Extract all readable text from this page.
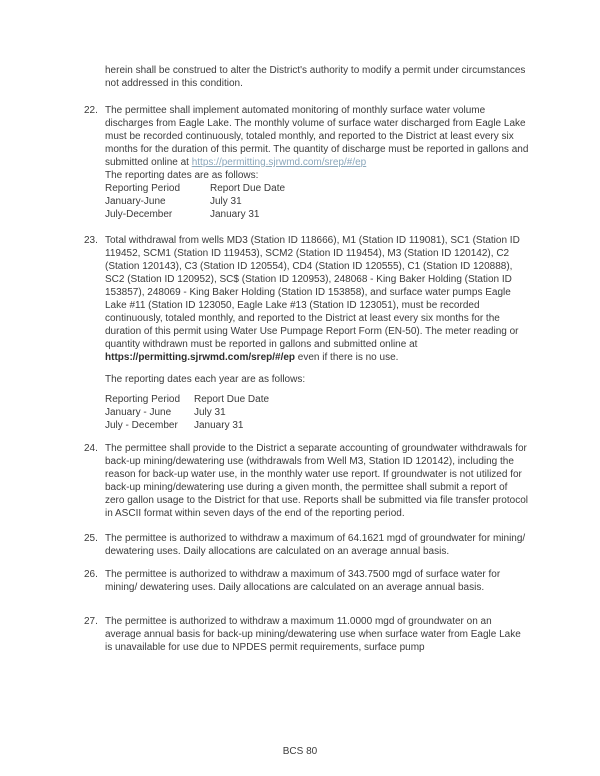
herein shall be construed to alter the District's authority to modify a permit under circumstances not addressed in this condition.

22. The permittee shall implement automated monitoring of monthly surface water volume discharges from Eagle Lake. The monthly volume of surface water discharged from Eagle Lake must be recorded continuously, totaled monthly, and reported to the District at least every six months for the duration of this permit. The quantity of discharge must be reported in gallons and submitted online at https://permitting.sjrwmd.com/srep/#/ep

The reporting dates are as follows:

Reporting Period	Report Due Date
January-June	July 31
July-December	January 31
23. Total withdrawal from wells MD3 (Station ID 118666), M1 (Station ID 119081), SC1 (Station ID 119452, SCM1 (Station ID 119453), SCM2 (Station ID 119454), M3 (Station ID 120142), C2 (Station 120143), C3 (Station ID 120554), CD4 (Station ID 120555), C1 (Station ID 120888), SC2 (Station ID 120952), SC$ (Station ID 120953), 248068 - King Baker Holding (Station ID 153857), 248069 - King Baker Holding (Station ID 153858), and surface water pumps Eagle Lake #11 (Station ID 123050, Eagle Lake #13 (Station ID 123051), must be recorded continuously, totaled monthly, and reported to the District at least every six months for the duration of this permit using Water Use Pumpage Report Form (EN-50). The meter reading or quantity withdrawn must be reported in gallons and submitted online at https://permitting.sjrwmd.com/srep/#/ep even if there is no use.

The reporting dates each year are as follows:

Reporting Period	Report Due Date
January - June	July 31
July - December	January 31
24. The permittee shall provide to the District a separate accounting of groundwater withdrawals for back-up mining/dewatering use (withdrawals from Well M3, Station ID 120142), including the reason for back-up water use, in the monthly water use report. If groundwater is not utilized for back-up mining/dewatering use during a given month, the permittee shall submit a report of zero gallon usage to the District for that use. Reports shall be submitted via file transfer protocol in ASCII format within seven days of the end of the reporting period.

25. The permittee is authorized to withdraw a maximum of 64.1621 mgd of groundwater for mining/ dewatering uses. Daily allocations are calculated on an average annual basis.

26. The permittee is authorized to withdraw a maximum of 343.7500 mgd of surface water for mining/ dewatering uses. Daily allocations are calculated on an average annual basis.

27. The permittee is authorized to withdraw a maximum 11.0000 mgd of groundwater on an average annual basis for back-up mining/dewatering use when surface water from Eagle Lake is unavailable for use due to NPDES permit requirements, surface pump

BCS 80
